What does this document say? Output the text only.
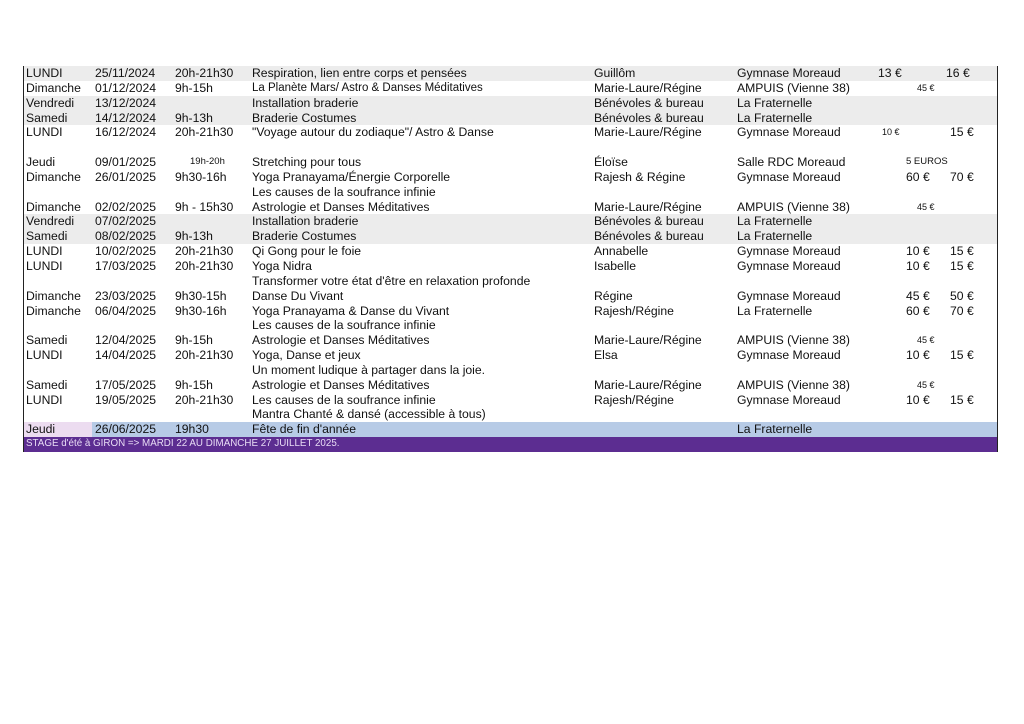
LUNDI	25/11/2024 20h-21h30 Respiration, lien entre corps et pensées	Guillôm	Gymnase Moreaud	13 €	16 €
Dimanche 01/12/2024 9h-15h	La Planète Mars/ Astro & Danses Méditatives	Marie-Laure/Régine	AMPUIS (Vienne 38)	45 €
Vendredi 13/12/2024	Installation braderie	Bénévoles & bureau	La Fraternelle
Samedi 14/12/2024 9h-13h	Braderie Costumes	Bénévoles & bureau	La Fraternelle
LUNDI	16/12/2024 20h-21h30 "Voyage autour du zodiaque"/ Astro & Danse	Marie-Laure/Régine	Gymnase Moreaud	10 €	15 €
Jeudi	09/01/2025	19h-20h Stretching pour tous	Éloïse	Salle RDC Moreaud	5 EUROS
Dimanche 26/01/2025 9h30-16h Yoga Pranayama/Énergie Corporelle	Rajesh & Régine	Gymnase Moreaud	60 € 70 €
Les causes de la soufrance infinie
Dimanche 02/02/2025 9h - 15h30 Astrologie et Danses Méditatives	Marie-Laure/Régine	AMPUIS (Vienne 38)	45 €
Vendredi 07/02/2025	Installation braderie	Bénévoles & bureau	La Fraternelle
Samedi 08/02/2025 9h-13h	Braderie Costumes	Bénévoles & bureau	La Fraternelle
LUNDI	10/02/2025 20h-21h30 Qi Gong pour le foie	Annabelle	Gymnase Moreaud	10 € 15 €
LUNDI	17/03/2025 20h-21h30 Yoga Nidra	Isabelle	Gymnase Moreaud	10 € 15 €
Transformer votre état d'être en relaxation profonde
Dimanche 23/03/2025 9h30-15h Danse Du Vivant	Régine	Gymnase Moreaud	45 € 50 €
Dimanche 06/04/2025 9h30-16h Yoga Pranayama & Danse du Vivant	Rajesh/Régine	La Fraternelle	60 € 70 €
Les causes de la soufrance infinie
Samedi 12/04/2025 9h-15h	Astrologie et Danses Méditatives	Marie-Laure/Régine	AMPUIS (Vienne 38)	45 €
LUNDI	14/04/2025 20h-21h30 Yoga, Danse et jeux	Elsa	Gymnase Moreaud	10 € 15 €
Un moment ludique à partager dans la joie.
Samedi 17/05/2025 9h-15h	Astrologie et Danses Méditatives	Marie-Laure/Régine	AMPUIS (Vienne 38)	45 €
LUNDI	19/05/2025 20h-21h30 Les causes de la soufrance infinie	Rajesh/Régine	Gymnase Moreaud	10 € 15 €
Mantra Chanté & dansé (accessible à tous)
Jeudi	26/06/2025 19h30	Fête de fin d'année	La Fraternelle
STAGE d'été à GIRON => MARDI 22 AU DIMANCHE 27 JUILLET 2025.
